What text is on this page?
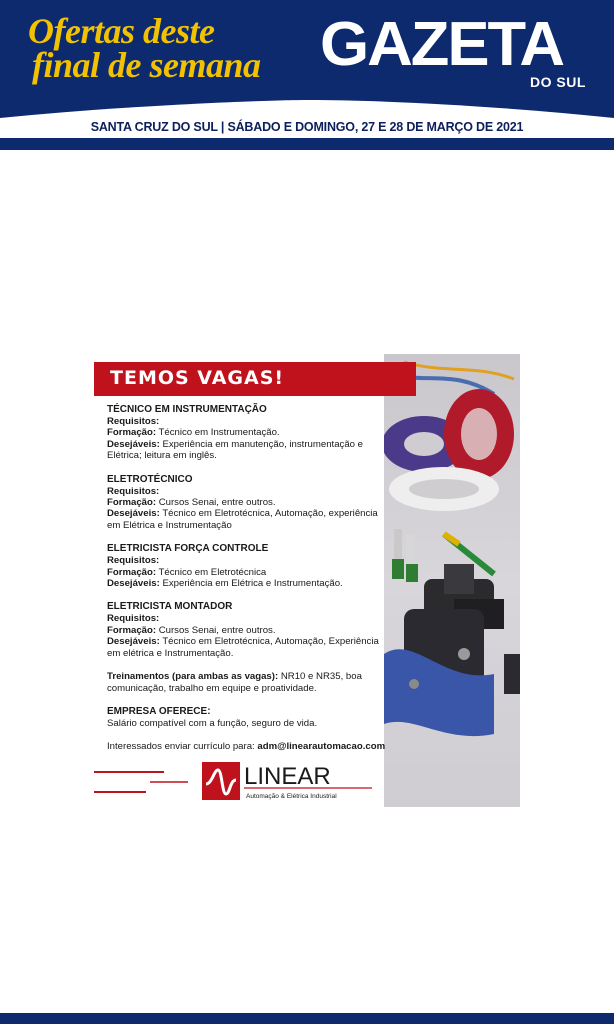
Ofertas deste
final de semana GAZETA
DO SUL
SANTA CRUZ DO SUL | SÁBADO E DOMINGO, 27 E 28 DE MARÇO DE 2021
TEMOS VAGAS!
TÉCNICO EM INSTRUMENTAÇÃO
Requisitos:
Formação: Técnico em Instrumentação.
Desejáveis: Experiência em manutenção, instrumentação e Elétrica; leitura em inglês.
ELETROTÉCNICO
Requisitos:
Formação: Cursos Senai, entre outros.
Desejáveis: Técnico em Eletrotécnica, Automação, experiência em Elétrica e Instrumentação
ELETRICISTA FORÇA CONTROLE
Requisitos:
Formação: Técnico em Eletrotécnica
Desejáveis: Experiência em Elétrica e Instrumentação.
ELETRICISTA MONTADOR
Requisitos:
Formação: Cursos Senai, entre outros.
Desejáveis: Técnico em Eletrotécnica, Automação, Experiência em elétrica e Instrumentação.
Treinamentos (para ambas as vagas): NR10 e NR35, boa comunicação, trabalho em equipe e proatividade.
EMPRESA OFERECE:
Salário compatível com a função, seguro de vida.
Interessados enviar currículo para: adm@linearautomacao.com
LINEAR
Automação & Elétrica Industrial
